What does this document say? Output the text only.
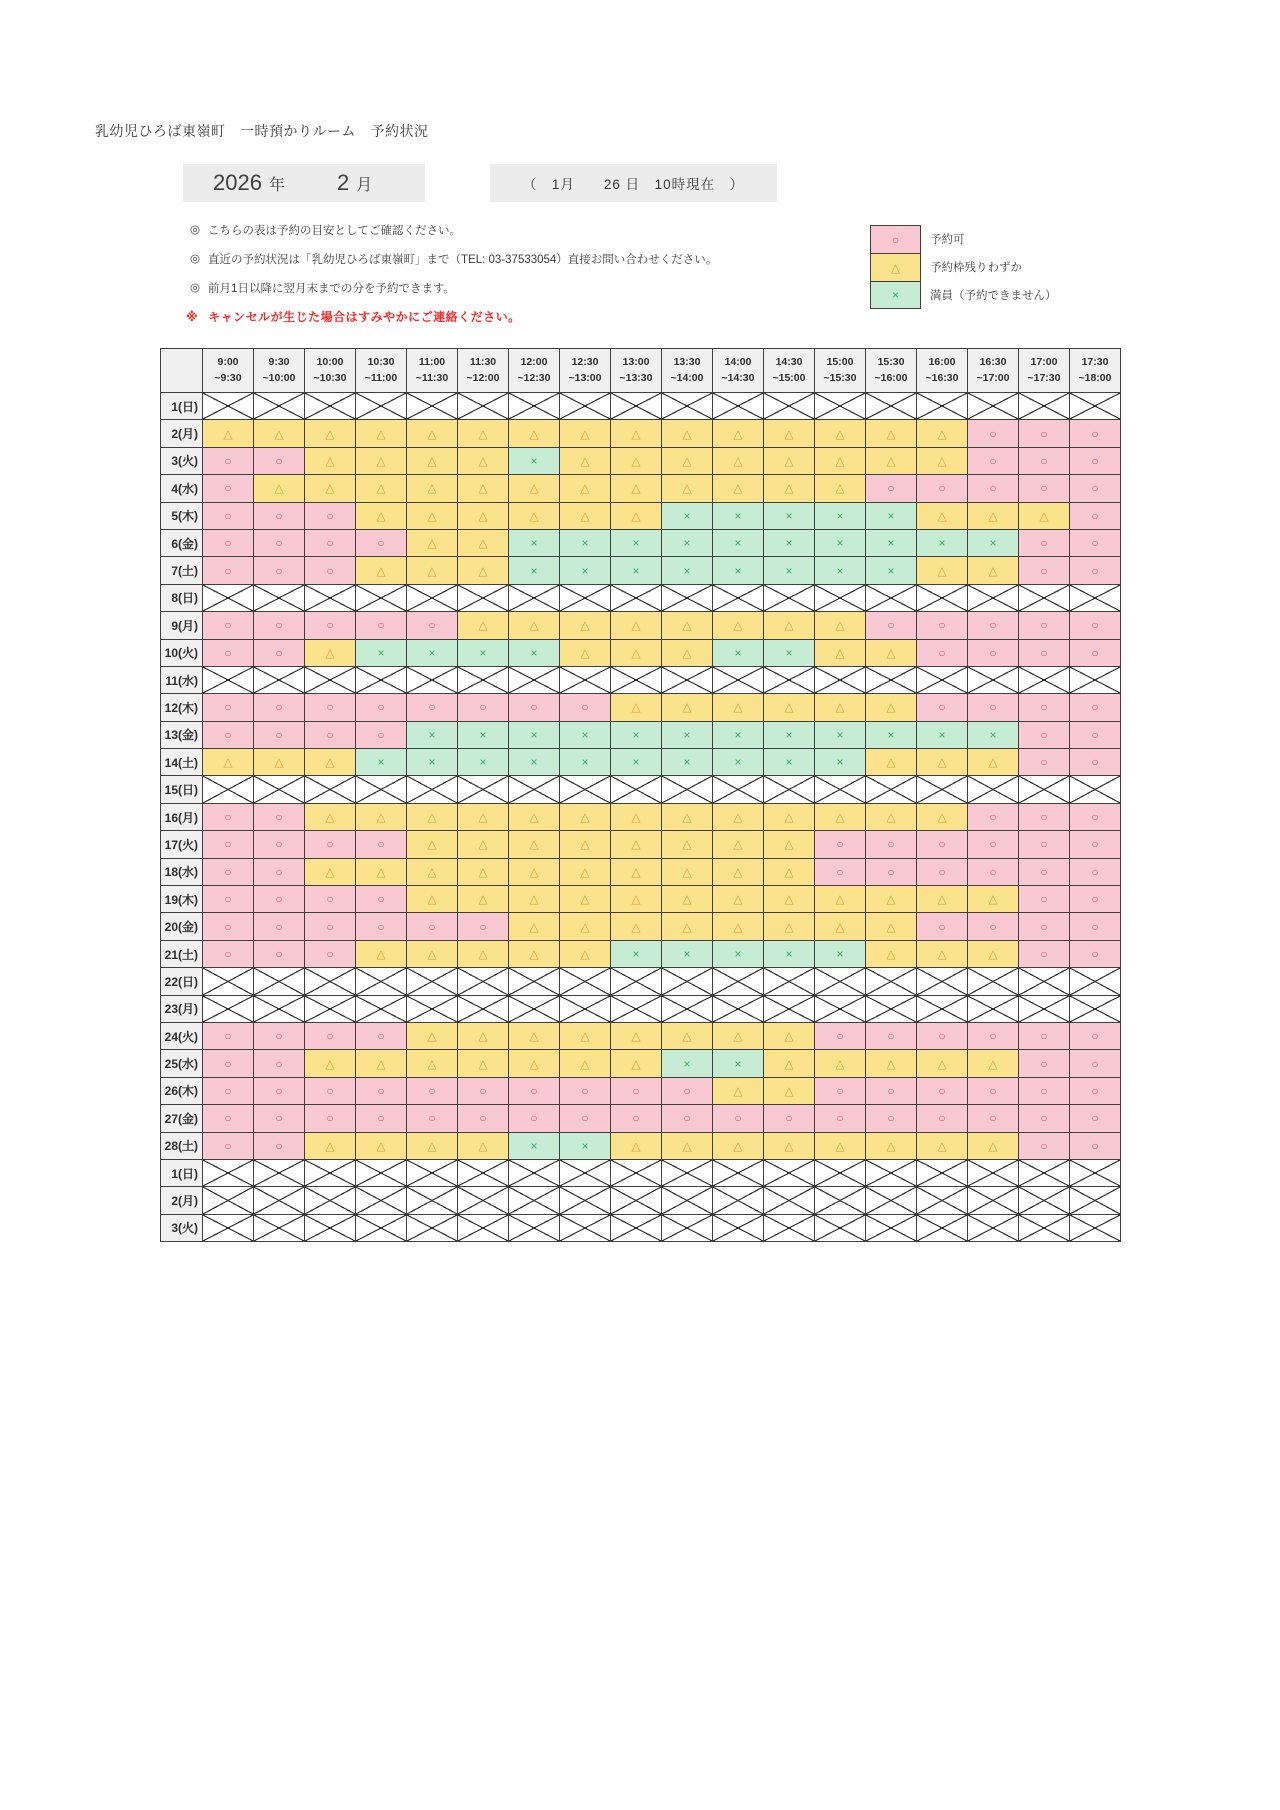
乳幼児ひろば東嶺町　一時預かりルーム　予約状況
2026 年 2 月	（　1月　　26 日　10時現在　）
◎ こちらの表は予約の目安としてご確認ください。
◎ 直近の予約状況は「乳幼児ひろば東嶺町」まで（TEL: 03-37533054）直接お問い合わせください。
◎ 前月1日以降に翌月末までの分を予約できます。
※ キャンセルが生じた場合はすみやかにご連絡ください。
○	予約可
△	予約枠残りわずか
×	満員（予約できません）
9:00
~9:30
9:30
~10:00
10:00
~10:30
10:30
~11:00
11:00
~11:30
11:30
~12:00
12:00
~12:30
12:30
~13:00
13:00
~13:30
13:30
~14:00
14:00
~14:30
14:30
~15:00
15:00
~15:30
15:30
~16:00
16:00
~16:30
16:30
~17:00
17:00
~17:30
17:30
~18:00
1(日)
2(月)	△	△	△	△	△	△	△	△	△	△	△	△	△	△	△	○	○	○
3(火)	○	○	△	△	△	△	×	△	△	△	△	△	△	△	△	○	○	○
4(水)	○	△	△	△	△	△	△	△	△	△	△	△	△	○	○	○	○	○
5(木)	○	○	○	△	△	△	△	△	△	×	×	×	×	×	△	△	△	○
6(金)	○	○	○	○	△	△	×	×	×	×	×	×	×	×	×	×	○	○
7(土)	○	○	○	△	△	△	×	×	×	×	×	×	×	×	△	△	○	○
8(日)
9(月)	○	○	○	○	○	△	△	△	△	△	△	△	△	○	○	○	○	○
10(火)	○	○	△	×	×	×	×	△	△	△	×	×	△	△	○	○	○	○
11(水)
12(木)	○	○	○	○	○	○	○	○	△	△	△	△	△	△	○	○	○	○
13(金)	○	○	○	○	×	×	×	×	×	×	×	×	×	×	×	×	○	○
14(土)	△	△	△	×	×	×	×	×	×	×	×	×	×	△	△	△	○	○
15(日)
16(月)	○	○	△	△	△	△	△	△	△	△	△	△	△	△	△	○	○	○
17(火)	○	○	○	○	△	△	△	△	△	△	△	△	○	○	○	○	○	○
18(水)	○	○	△	△	△	△	△	△	△	△	△	△	○	○	○	○	○	○
19(木)	○	○	○	○	△	△	△	△	△	△	△	△	△	△	△	△	○	○
20(金)	○	○	○	○	○	○	△	△	△	△	△	△	△	△	○	○	○	○
21(土)	○	○	○	△	△	△	△	△	×	×	×	×	×	△	△	△	○	○
22(日)
23(月)
24(火)	○	○	○	○	△	△	△	△	△	△	△	△	○	○	○	○	○	○
25(水)	○	○	△	△	△	△	△	△	△	×	×	△	△	△	△	△	○	○
26(木)	○	○	○	○	○	○	○	○	○	○	△	△	○	○	○	○	○	○
27(金)	○	○	○	○	○	○	○	○	○	○	○	○	○	○	○	○	○	○
28(土)	○	○	△	△	△	△	×	×	△	△	△	△	△	△	△	△	○	○
1(日)
2(月)
3(火)
